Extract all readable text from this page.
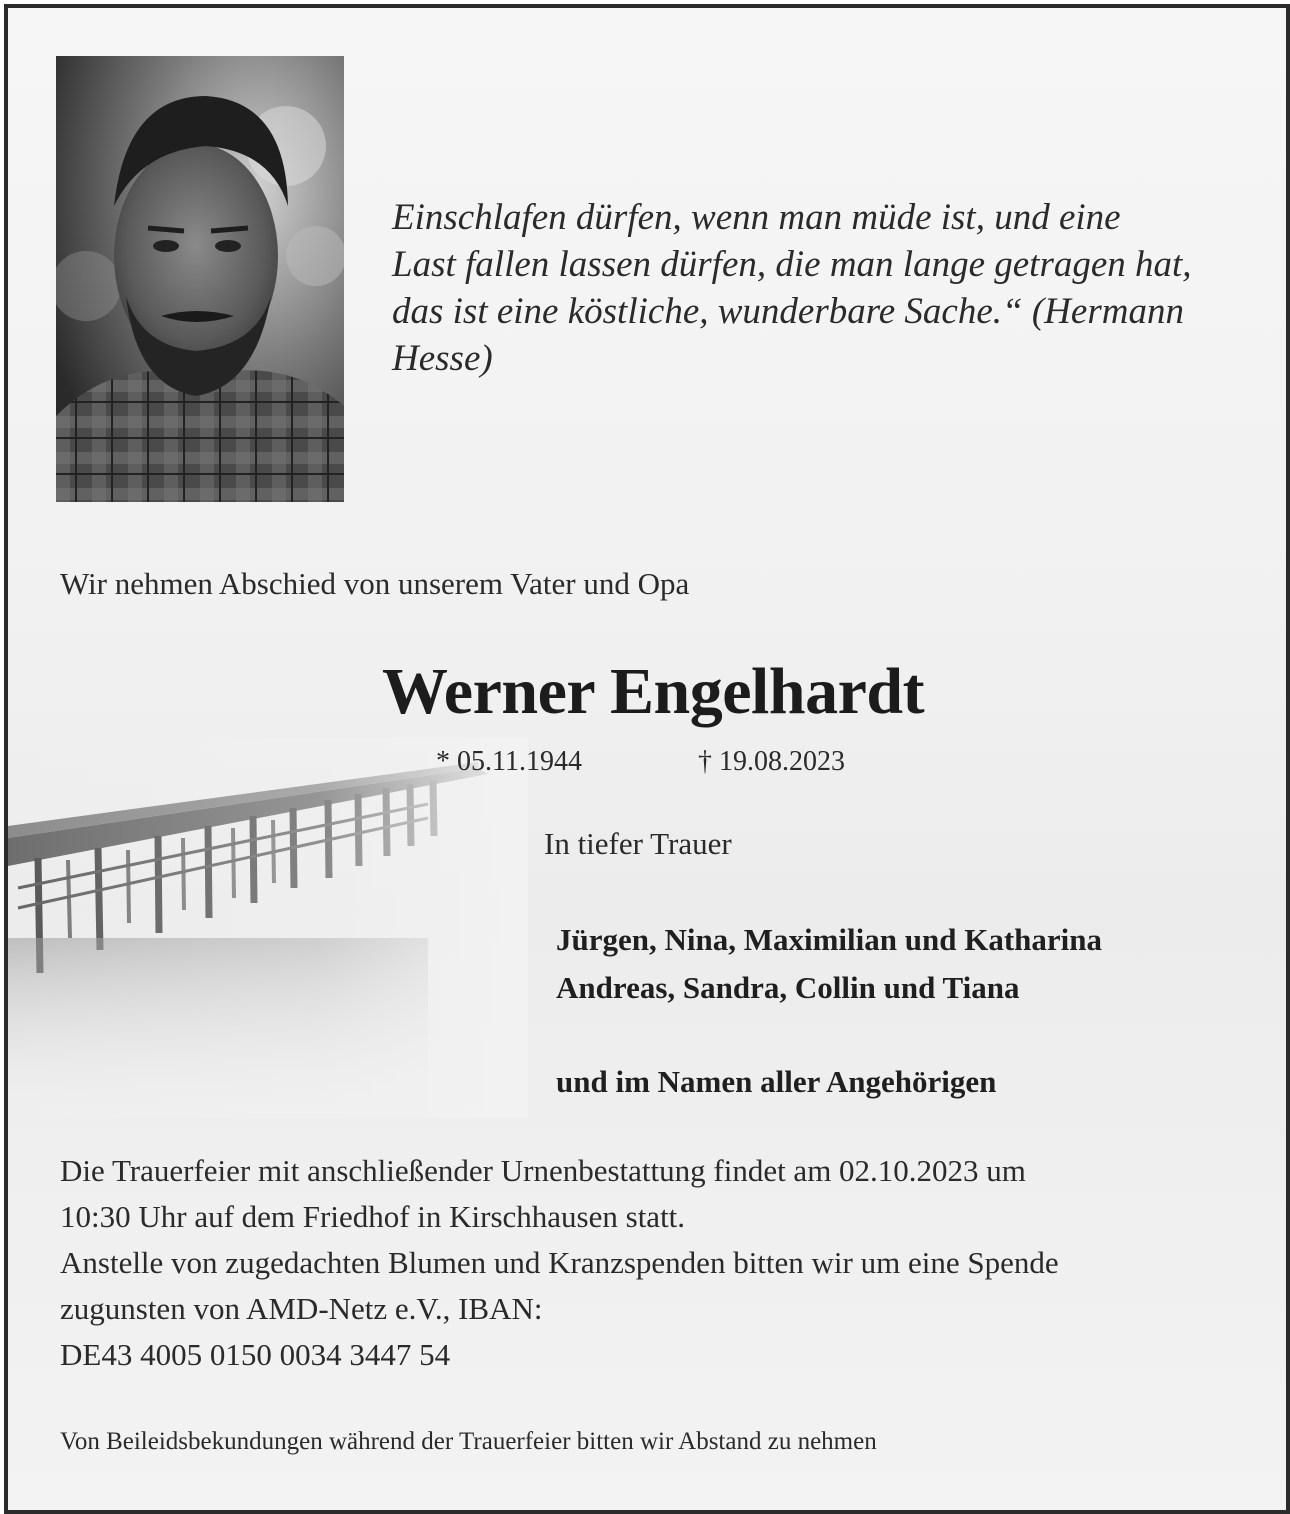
Einschlafen dürfen, wenn man müde ist, und eine
Last fallen lassen dürfen, die man lange getragen hat,
das ist eine köstliche, wunderbare Sache.“ (Hermann
Hesse)

Wir nehmen Abschied von unserem Vater und Opa

Werner Engelhardt

* 05.11.1944	† 19.08.2023

In tiefer Trauer

Jürgen, Nina, Maximilian und Katharina
Andreas, Sandra, Collin und Tiana

und im Namen aller Angehörigen

Die Trauerfeier mit anschließender Urnenbestattung findet am 02.10.2023 um
10:30 Uhr auf dem Friedhof in Kirschhausen statt.
Anstelle von zugedachten Blumen und Kranzspenden bitten wir um eine Spende
zugunsten von AMD-Netz e.V., IBAN:
DE43 4005 0150 0034 3447 54

Von Beileidsbekundungen während der Trauerfeier bitten wir Abstand zu nehmen
